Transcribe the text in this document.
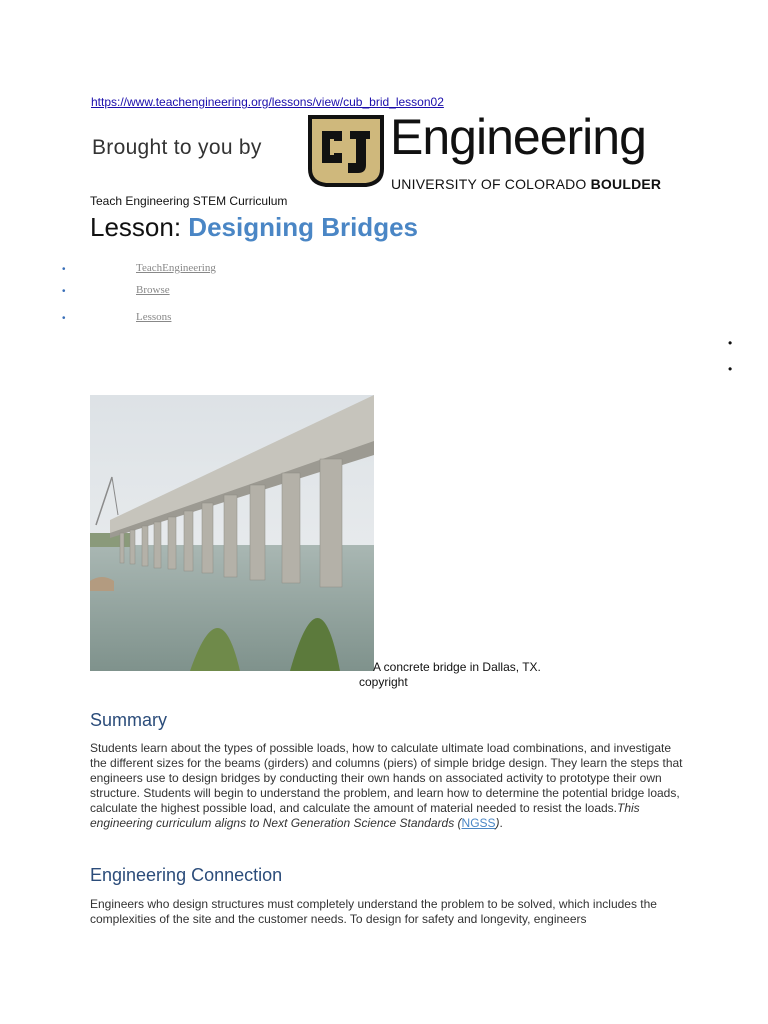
https://www.teachengineering.org/lessons/view/cub_brid_lesson02
Brought to you by	Engineering
UNIVERSITY OF COLORADO BOULDER
Teach Engineering STEM Curriculum
Lesson: Designing Bridges
•	TeachEngineering
•	Browse
•	Lessons
•
•
A concrete bridge in Dallas, TX.
copyright
Summary
Students learn about the types of possible loads, how to calculate ultimate load combinations, and investigate the different sizes for the beams (girders) and columns (piers) of simple bridge design. They learn the steps that engineers use to design bridges by conducting their own hands on associated activity to prototype their own structure. Students will begin to understand the problem, and learn how to determine the potential bridge loads, calculate the highest possible load, and calculate the amount of material needed to resist the loads.This engineering curriculum aligns to Next Generation Science Standards (NGSS).
Engineering Connection
Engineers who design structures must completely understand the problem to be solved, which includes the complexities of the site and the customer needs. To design for safety and longevity, engineers
